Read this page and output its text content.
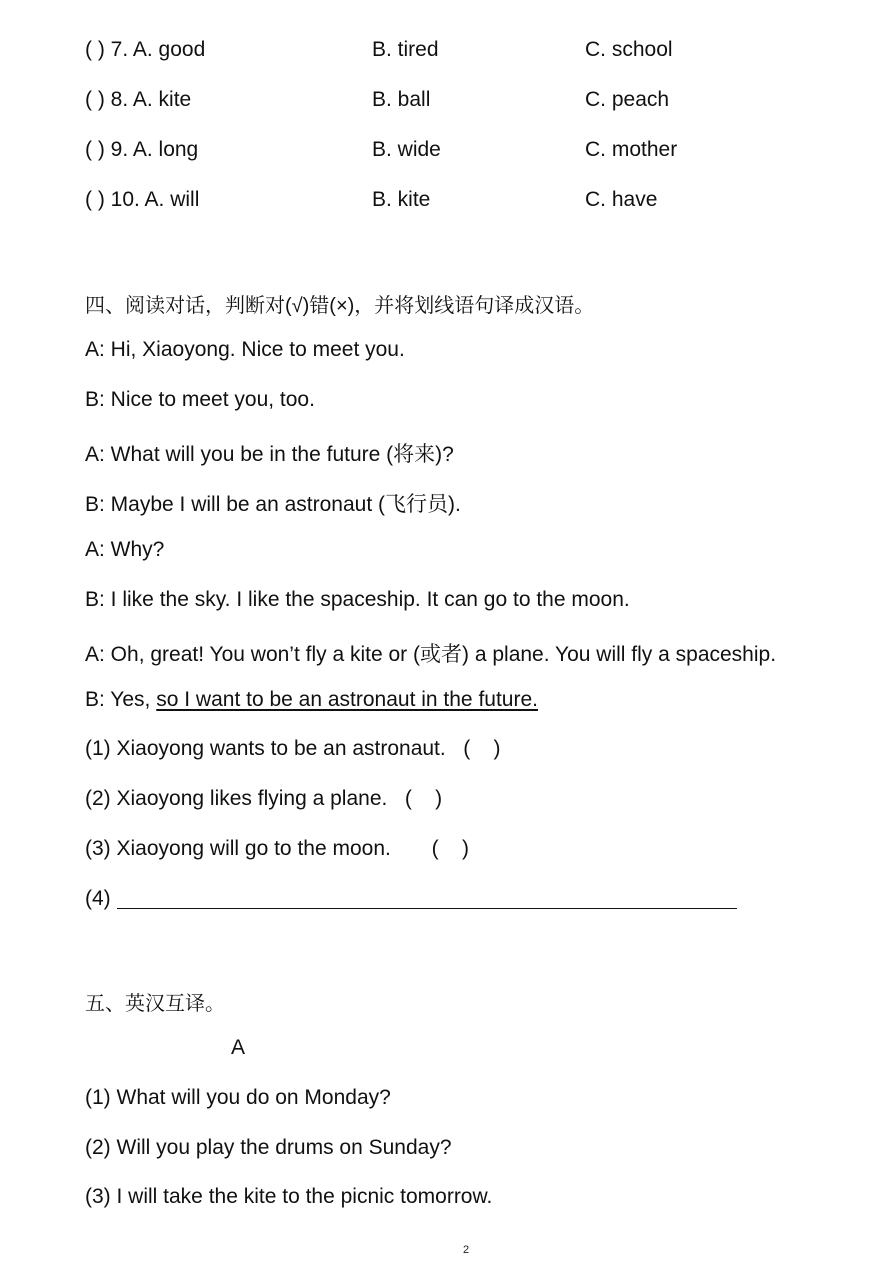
( ) 7. A. good	B. tired	C. school
( ) 8. A. kite	B. ball	C. peach
( ) 9. A. long	B. wide	C. mother
( ) 10. A. will	B. kite	C. have
四、阅读对话，判断对(√)错(×)，并将划线语句译成汉语。
A: Hi, Xiaoyong. Nice to meet you.
B: Nice to meet you, too.
A: What will you be in the future (将来)?
B: Maybe I will be an astronaut (飞行员).
A: Why?
B: I like the sky. I like the spaceship. It can go to the moon.
A: Oh, great! You won’t fly a kite or (或者) a plane. You will fly a spaceship.
B: Yes, so I want to be an astronaut in the future.
(1) Xiaoyong wants to be an astronaut.   (    )
(2) Xiaoyong likes flying a plane.   (    )
(3) Xiaoyong will go to the moon.       (    )
(4)
五、英汉互译。
A
(1) What will you do on Monday?
(2) Will you play the drums on Sunday?
(3) I will take the kite to the picnic tomorrow.
2
